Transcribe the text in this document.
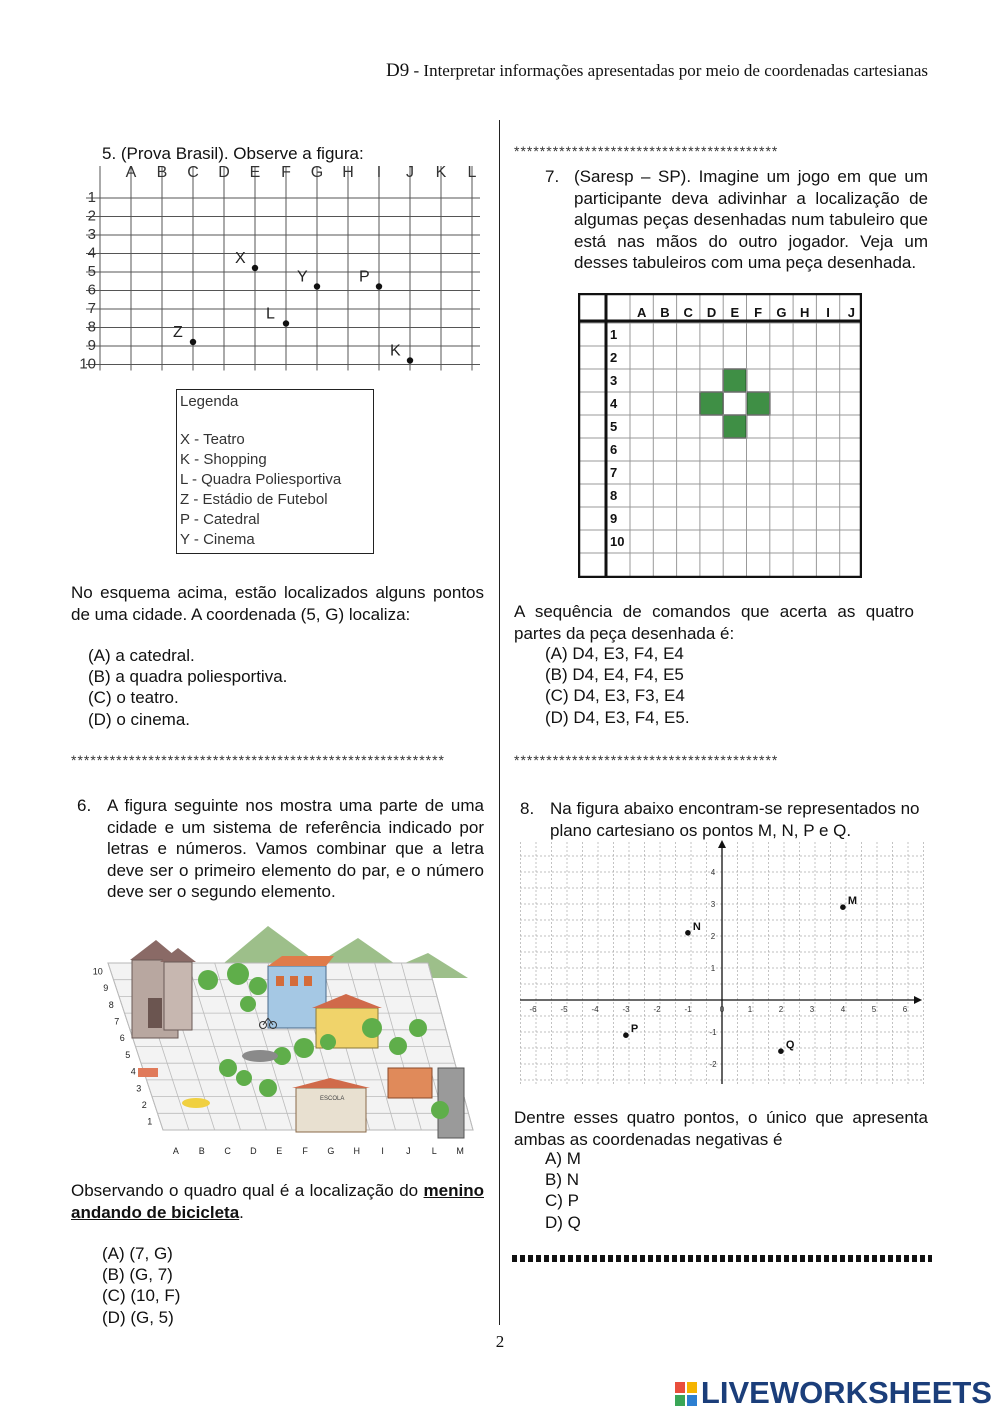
D9 - Interpretar informações apresentadas por meio de coordenadas cartesianas
5. (Prova Brasil). Observe a figura:
A B C D E F G H I J K L
1
2
3
4
5
6
7
8
9
10
X
Y	P
L
Z
K
Legenda
X - Teatro
K - Shopping
L - Quadra Poliesportiva
Z - Estádio de Futebol
P - Catedral
Y - Cinema
No esquema acima, estão localizados alguns pontos de uma cidade. A coordenada (5, G) localiza:
(A) a catedral.
(B) a quadra poliesportiva.
(C) o teatro.
(D) o cinema.
**********************************************************
6. A figura seguinte nos mostra uma parte de uma cidade e um sistema de referência indicado por letras e números. Vamos combinar que a letra deve ser o primeiro elemento do par, e o número deve ser o segundo elemento.
ESCOLA
A B C D E F G H I J L M
1
2
3
4
5
6
7
8
9
10
Observando o quadro qual é a localização do menino andando de bicicleta.
(A) (7, G)
(B) (G, 7)
(C) (10, F)
(D) (G, 5)
*****************************************
7. (Saresp – SP). Imagine um jogo em que um participante deva adivinhar a localização de algumas peças desenhadas num tabuleiro que está nas mãos do outro jogador. Veja um desses tabuleiros com uma peça desenhada.
A B C D E F G H I J
1
2
3
4
5
6
7
8
9
10
A sequência de comandos que acerta as quatro partes da peça desenhada é:
(A) D4, E3, F4, E4
(B) D4, E4, F4, E5
(C) D4, E3, F3, E4
(D) D4, E3, F4, E5.
*****************************************
8. Na figura abaixo encontram-se representados no plano cartesiano os pontos M, N, P e Q.
-6	-5	-4	-3	-2	-1	0	1	2	3	4	5	6
4
3
2
1
-1
-2
M
N
P
Q
Dentre esses quatro pontos, o único que apresenta ambas as coordenadas negativas é
A) M
B) N
C) P
D) Q
2
LIVEWORKSHEETS
